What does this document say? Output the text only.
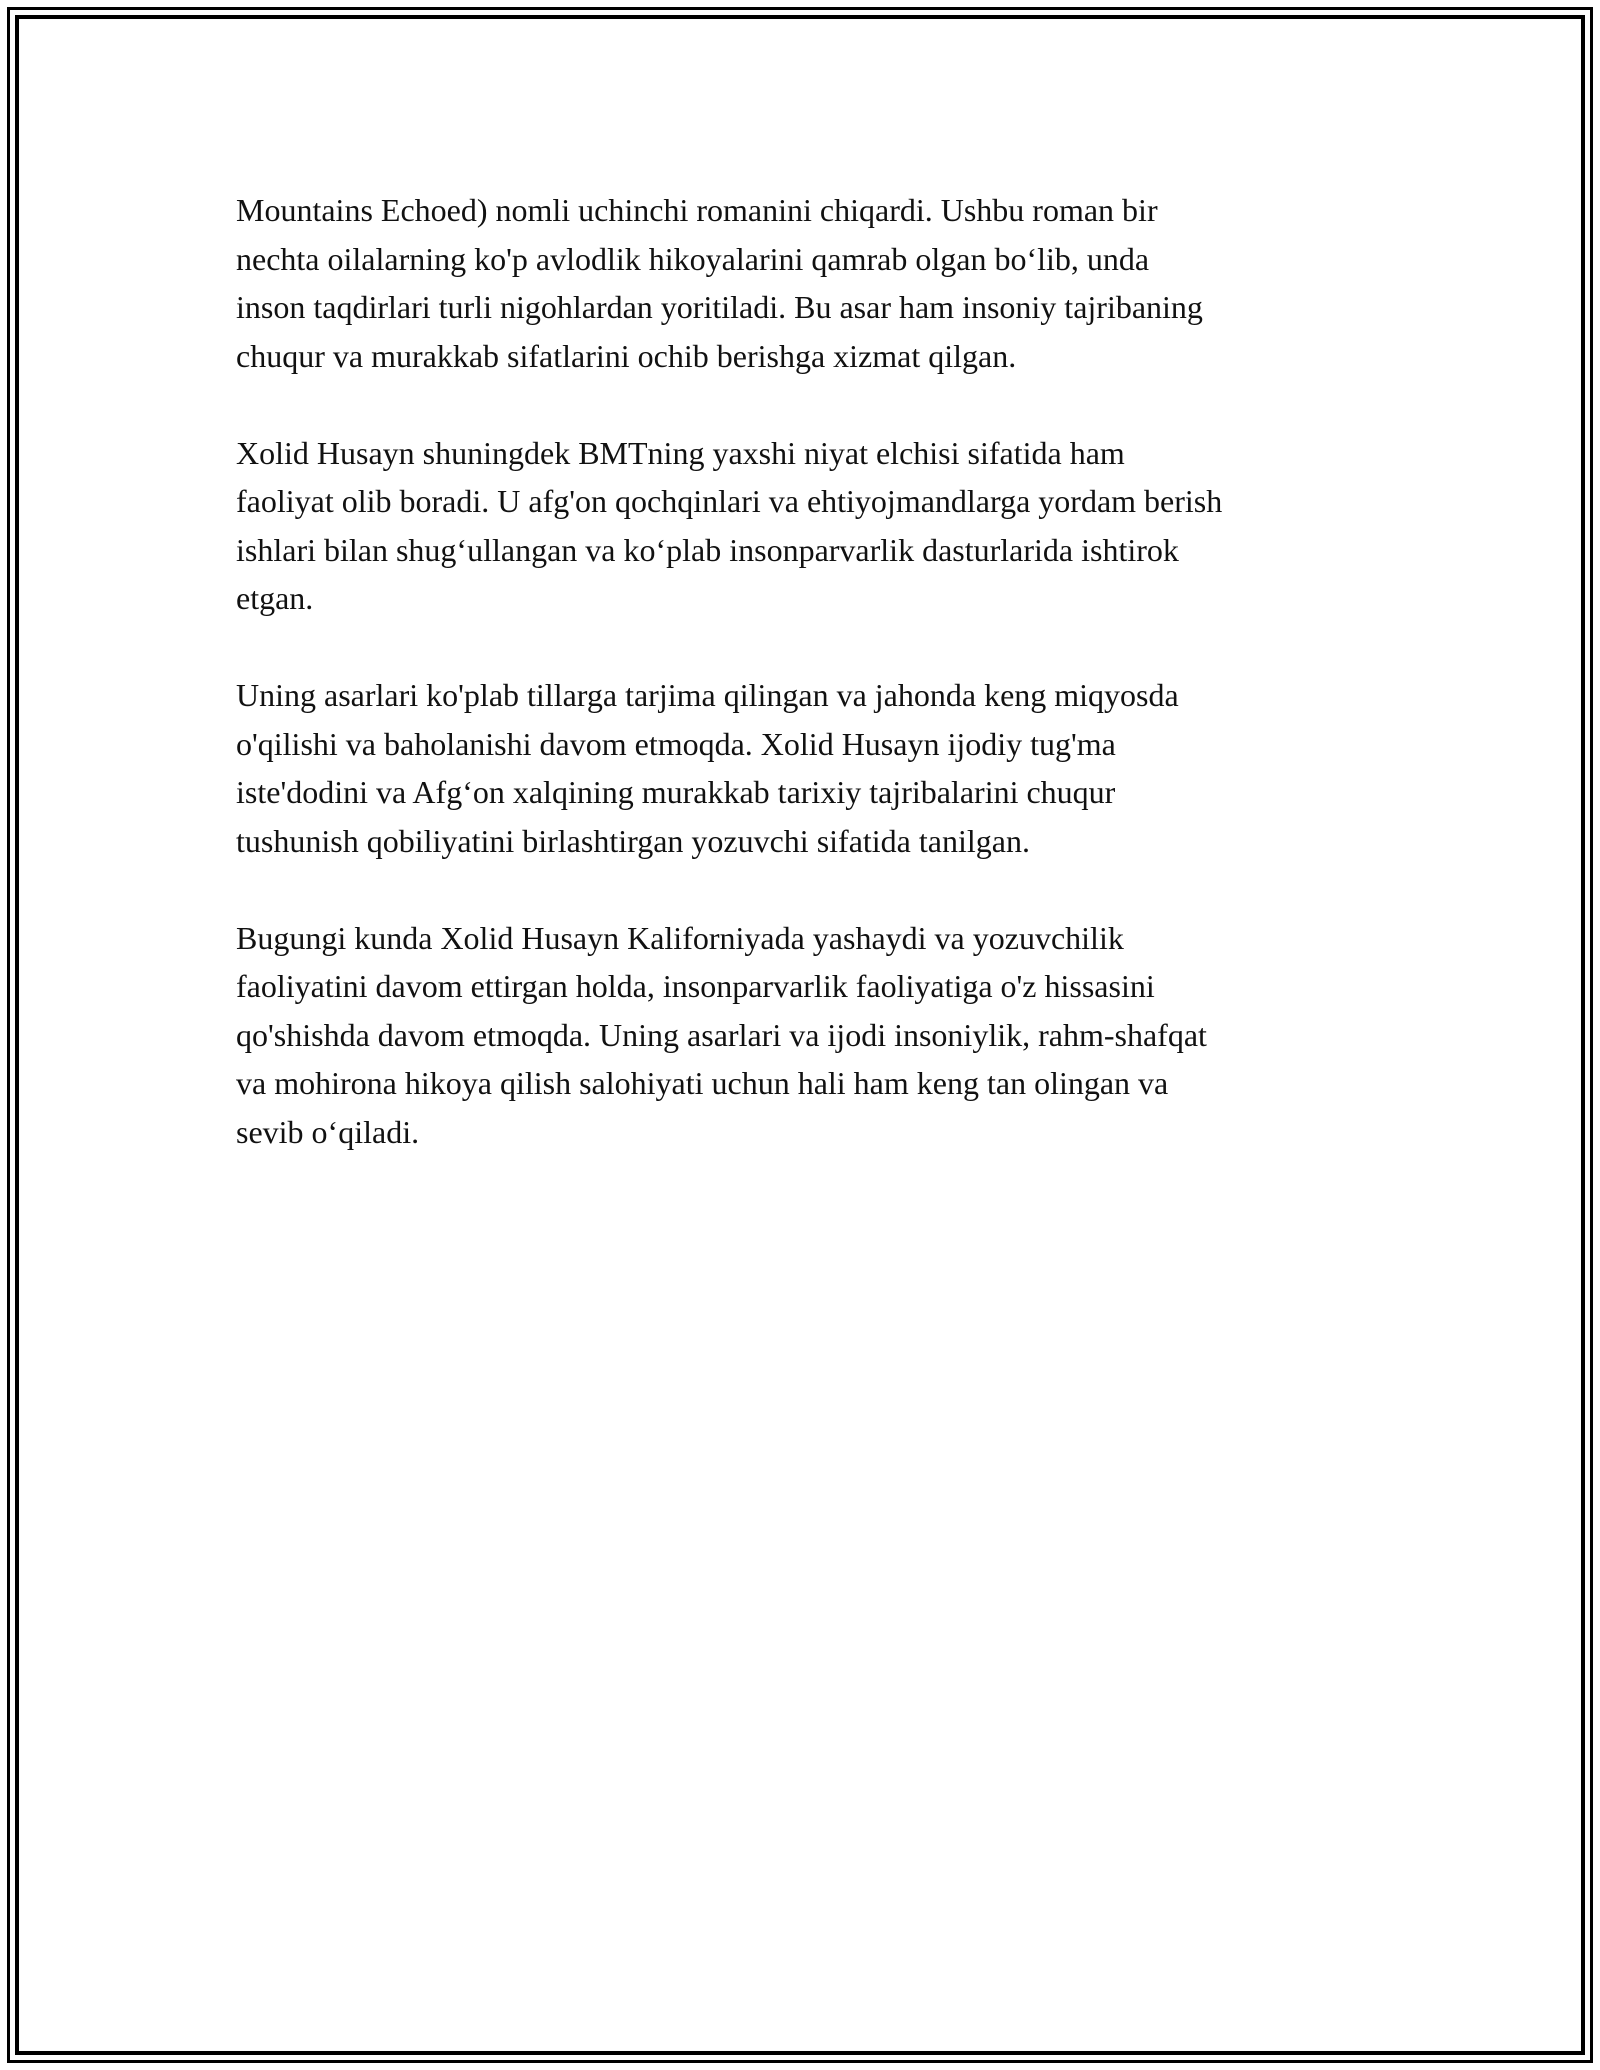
Mountains Echoed) nomli uchinchi romanini chiqardi. Ushbu roman bir
nechta oilalarning ko'p avlodlik hikoyalarini qamrab olgan bo‘lib, unda
inson taqdirlari turli nigohlardan yoritiladi. Bu asar ham insoniy tajribaning
chuqur va murakkab sifatlarini ochib berishga xizmat qilgan.

Xolid Husayn shuningdek BMTning yaxshi niyat elchisi sifatida ham
faoliyat olib boradi. U afg'on qochqinlari va ehtiyojmandlarga yordam berish
ishlari bilan shug‘ullangan va ko‘plab insonparvarlik dasturlarida ishtirok
etgan.

Uning asarlari ko'plab tillarga tarjima qilingan va jahonda keng miqyosda
o'qilishi va baholanishi davom etmoqda. Xolid Husayn ijodiy tug'ma
iste'dodini va Afg‘on xalqining murakkab tarixiy tajribalarini chuqur
tushunish qobiliyatini birlashtirgan yozuvchi sifatida tanilgan.

Bugungi kunda Xolid Husayn Kaliforniyada yashaydi va yozuvchilik
faoliyatini davom ettirgan holda, insonparvarlik faoliyatiga o'z hissasini
qo'shishda davom etmoqda. Uning asarlari va ijodi insoniylik, rahm-shafqat
va mohirona hikoya qilish salohiyati uchun hali ham keng tan olingan va
sevib o‘qiladi.
